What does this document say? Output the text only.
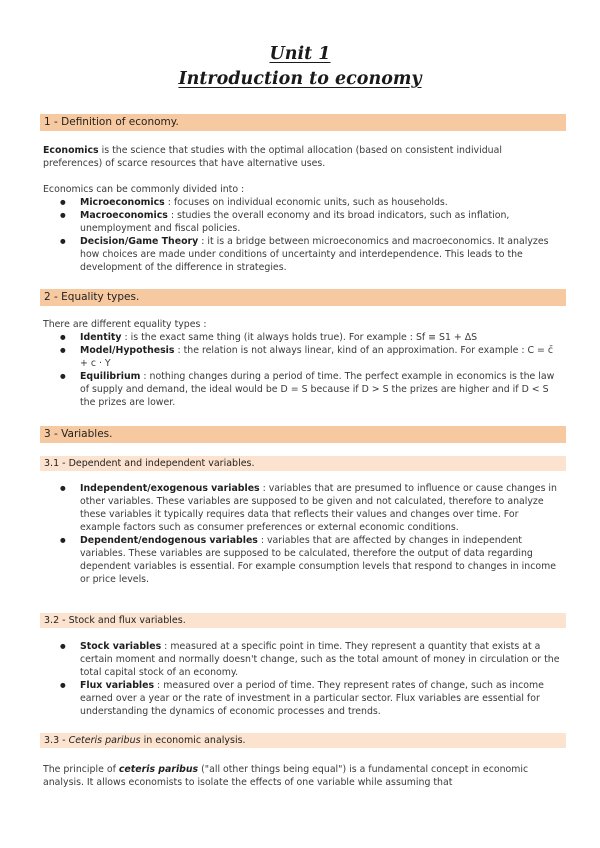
Unit 1
Introduction to economy
1 - Definition of economy.

Economics is the science that studies with the optimal allocation (based on consistent individual preferences) of scarce resources that have alternative uses.

Economics can be commonly divided into :

● Microeconomics : focuses on individual economic units, such as households.
● Macroeconomics : studies the overall economy and its broad indicators, such as inflation, unemployment and fiscal policies.
● Decision/Game Theory : it is a bridge between microeconomics and macroeconomics. It analyzes how choices are made under conditions of uncertainty and interdependence. This leads to the development of the difference in strategies.
2 - Equality types.

There are different equality types :

● Identity : is the exact same thing (it always holds true). For example : Sf ≡ S1 + ΔS
● Model/Hypothesis : the relation is not always linear, kind of an approximation. For example : C = c̄ + c · Y
● Equilibrium : nothing changes during a period of time. The perfect example in economics is the law of supply and demand, the ideal would be D = S because if D > S the prizes are higher and if D < S the prizes are lower.
3 - Variables.
3.1 - Dependent and independent variables.
● Independent/exogenous variables : variables that are presumed to influence or cause changes in other variables. These variables are supposed to be given and not calculated, therefore to analyze these variables it typically requires data that reflects their values and changes over time. For example factors such as consumer preferences or external economic conditions.
● Dependent/endogenous variables : variables that are affected by changes in independent variables. These variables are supposed to be calculated, therefore the output of data regarding dependent variables is essential. For example consumption levels that respond to changes in income or price levels.
3.2 - Stock and flux variables.
● Stock variables : measured at a specific point in time. They represent a quantity that exists at a certain moment and normally doesn't change, such as the total amount of money in circulation or the total capital stock of an economy.
● Flux variables : measured over a period of time. They represent rates of change, such as income earned over a year or the rate of investment in a particular sector. Flux variables are essential for understanding the dynamics of economic processes and trends.
3.3 - Ceteris paribus in economic analysis.

The principle of ceteris paribus ("all other things being equal") is a fundamental concept in economic analysis. It allows economists to isolate the effects of one variable while assuming that
